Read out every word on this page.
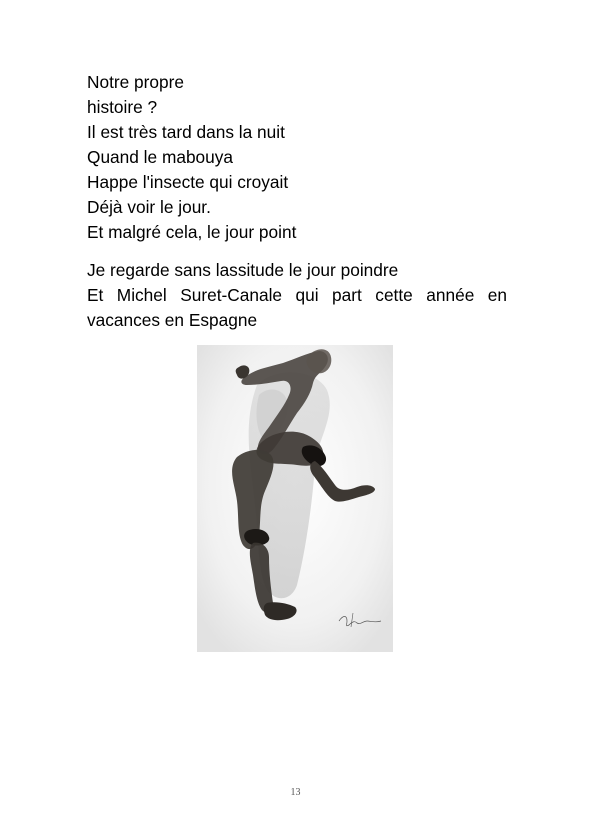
Notre propre
histoire ?
Il est très tard dans la nuit
Quand le mabouya
Happe l'insecte qui croyait
Déjà voir le jour.
Et malgré cela, le jour point
Je regarde sans lassitude le jour poindre
Et Michel Suret-Canale qui part cette année en
vacances en Espagne
13
